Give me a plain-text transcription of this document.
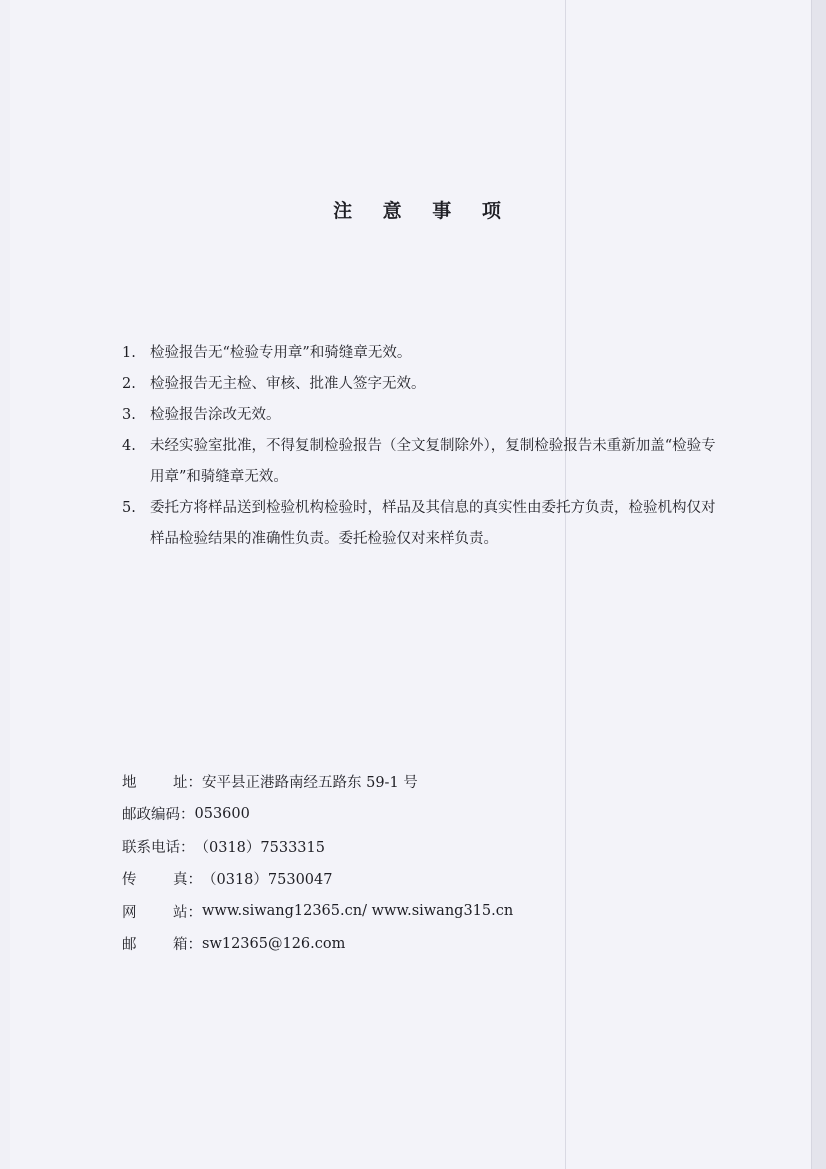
注 意 事 项
1. 检验报告无“检验专用章”和骑缝章无效。
2. 检验报告无主检、审核、批准人签字无效。
3. 检验报告涂改无效。
4. 未经实验室批准，不得复制检验报告（全文复制除外），复制检验报告未重新加盖“检验专用章”和骑缝章无效。
5. 委托方将样品送到检验机构检验时，样品及其信息的真实性由委托方负责，检验机构仅对样品检验结果的准确性负责。委托检验仅对来样负责。
地	址： 安平县正港路南经五路东 59-1 号
邮政编码： 053600
联系电话： （0318）7533315
传	真： （0318）7530047
网	站： www.siwang12365.cn/ www.siwang315.cn
邮	箱： sw12365@126.com
